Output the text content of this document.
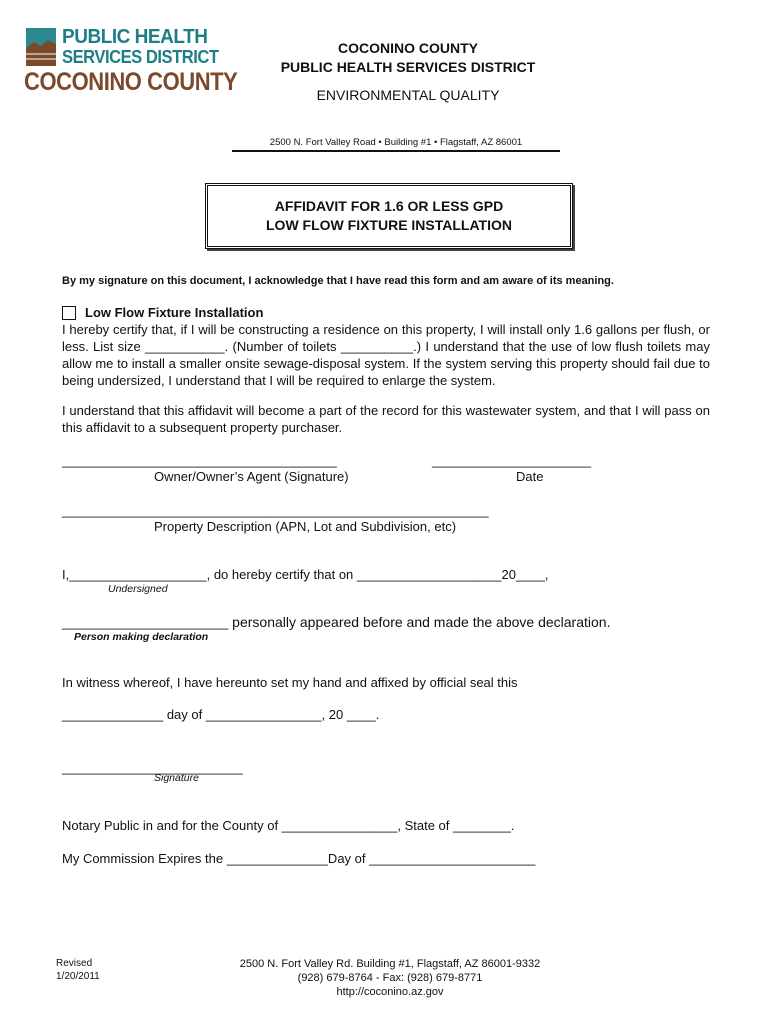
PUBLIC HEALTH
SERVICES DISTRICT
COCONINO COUNTY
COCONINO COUNTY
PUBLIC HEALTH SERVICES DISTRICT
ENVIRONMENTAL QUALITY
2500 N. Fort Valley Road • Building #1 • Flagstaff, AZ 86001
AFFIDAVIT FOR 1.6 OR LESS GPD
LOW FLOW FIXTURE INSTALLATION
By my signature on this document, I acknowledge that I have read this form and am aware of its meaning.
Low Flow Fixture Installation
I hereby certify that, if I will be constructing a residence on this property, I will install only 1.6 gallons per flush, or less. List size ___________. (Number of toilets __________.) I understand that the use of low flush toilets may allow me to install a smaller onsite sewage-disposal system. If the system serving this property should fail due to being undersized, I understand that I will be required to enlarge the system.
I understand that this affidavit will become a part of the record for this wastewater system, and that I will pass on this affidavit to a subsequent property purchaser.
______________________________________
Owner/Owner’s Agent (Signature)
______________________
Date
___________________________________________________________
Property Description (APN, Lot and Subdivision, etc)
I,___________________, do hereby certify that on ____________________20____,
Undersigned
_______________________ personally appeared before and made the above declaration.
Person making declaration
In witness whereof, I have hereunto set my hand and affixed by official seal this
______________ day of ________________, 20 ____.
_________________________
Signature
Notary Public in and for the County of ________________, State of ________.
My Commission Expires the ______________Day of _______________________
Revised
1/20/2011
2500 N. Fort Valley Rd. Building #1, Flagstaff, AZ 86001-9332
(928) 679-8764 - Fax: (928) 679-8771
http://coconino.az.gov
